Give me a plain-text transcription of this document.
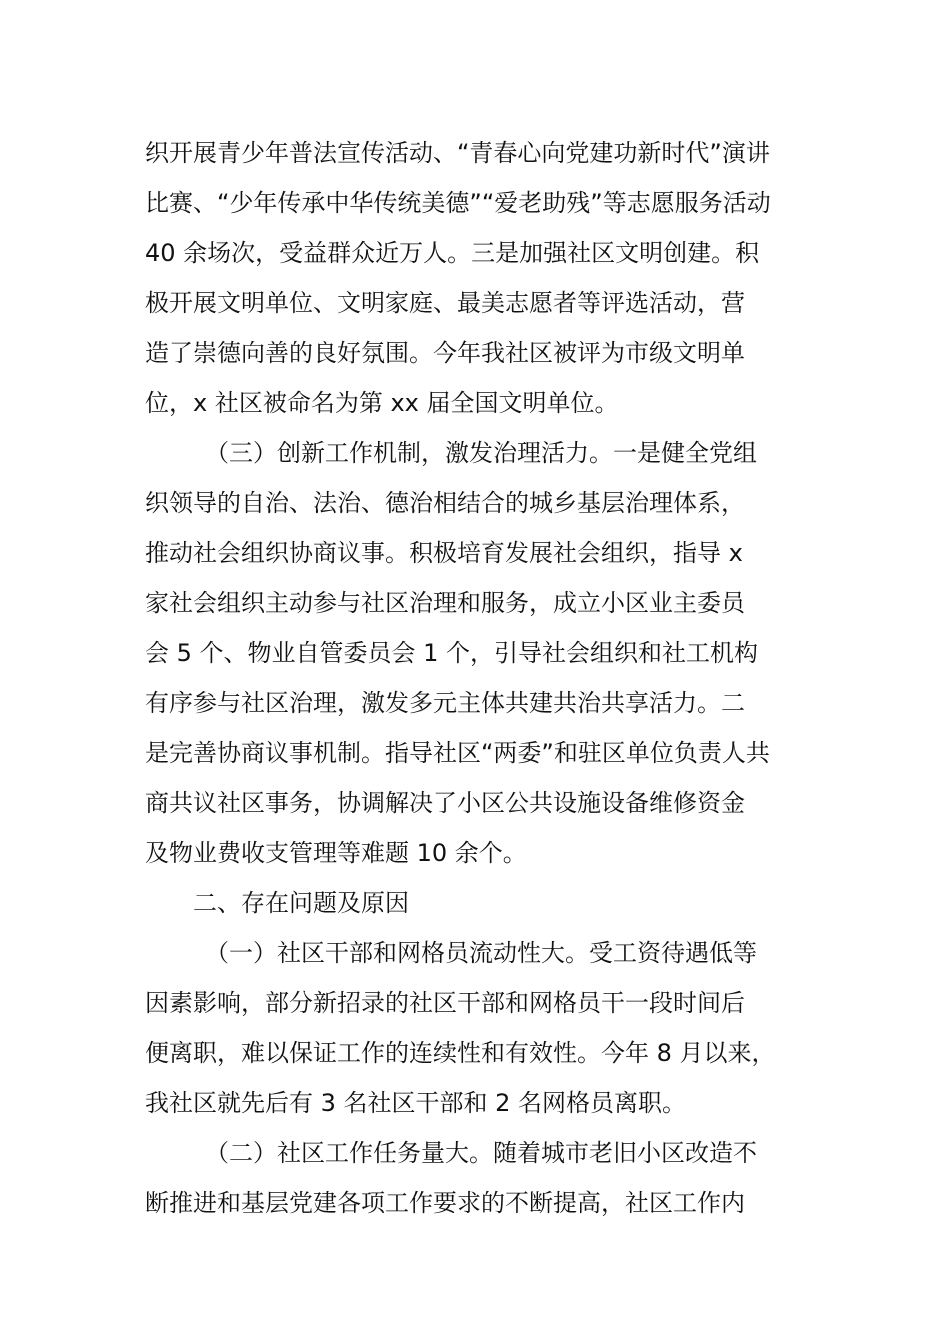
织开展青少年普法宣传活动、“青春心向党建功新时代”演讲
比赛、“少年传承中华传统美德”“爱老助残”等志愿服务活动
40 余场次，受益群众近万人。三是加强社区文明创建。积
极开展文明单位、文明家庭、最美志愿者等评选活动，营
造了崇德向善的良好氛围。今年我社区被评为市级文明单
位，x 社区被命名为第 xx 届全国文明单位。
（三）创新工作机制，激发治理活力。一是健全党组
织领导的自治、法治、德治相结合的城乡基层治理体系，
推动社会组织协商议事。积极培育发展社会组织，指导 x
家社会组织主动参与社区治理和服务，成立小区业主委员
会 5 个、物业自管委员会 1 个，引导社会组织和社工机构
有序参与社区治理，激发多元主体共建共治共享活力。二
是完善协商议事机制。指导社区“两委”和驻区单位负责人共
商共议社区事务，协调解决了小区公共设施设备维修资金
及物业费收支管理等难题 10 余个。
二、存在问题及原因
（一）社区干部和网格员流动性大。受工资待遇低等
因素影响，部分新招录的社区干部和网格员干一段时间后
便离职，难以保证工作的连续性和有效性。今年 8 月以来，
我社区就先后有 3 名社区干部和 2 名网格员离职。
（二）社区工作任务量大。随着城市老旧小区改造不
断推进和基层党建各项工作要求的不断提高，社区工作内
